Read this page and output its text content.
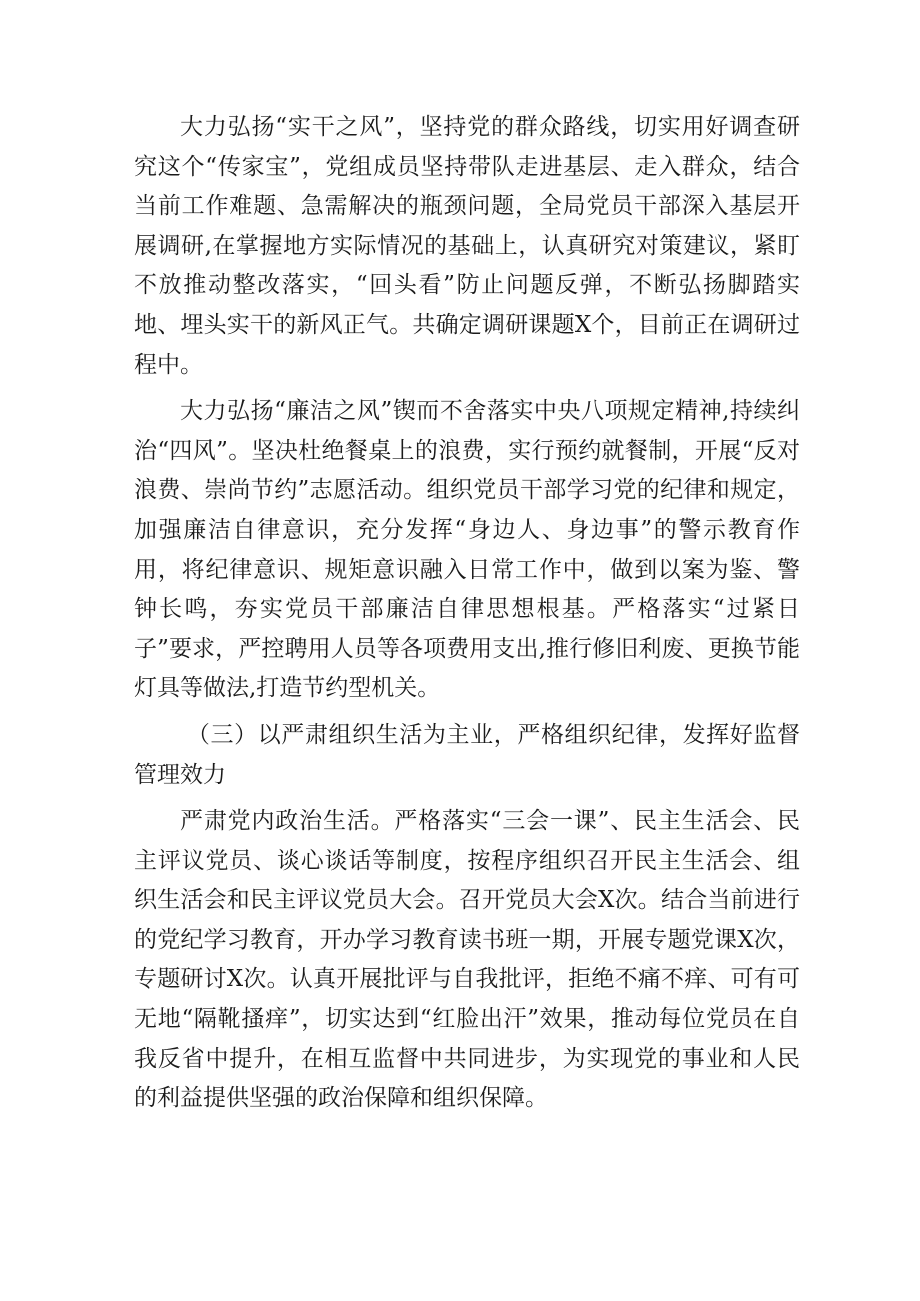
大力弘扬“实干之风”，坚持党的群众路线，切实用好调查研究这个“传家宝”，党组成员坚持带队走进基层、走入群众，结合当前工作难题、急需解决的瓶颈问题，全局党员干部深入基层开展调研,在掌握地方实际情况的基础上，认真研究对策建议，紧盯不放推动整改落实，“回头看”防止问题反弹，不断弘扬脚踏实地、埋头实干的新风正气。共确定调研课题X个，目前正在调研过程中。

大力弘扬“廉洁之风”锲而不舍落实中央八项规定精神,持续纠治“四风”。坚决杜绝餐桌上的浪费，实行预约就餐制，开展“反对浪费、崇尚节约”志愿活动。组织党员干部学习党的纪律和规定，加强廉洁自律意识，充分发挥“身边人、身边事”的警示教育作用，将纪律意识、规矩意识融入日常工作中，做到以案为鉴、警钟长鸣，夯实党员干部廉洁自律思想根基。严格落实“过紧日子”要求，严控聘用人员等各项费用支出,推行修旧利废、更换节能灯具等做法,打造节约型机关。

（三）以严肃组织生活为主业，严格组织纪律，发挥好监督管理效力

严肃党内政治生活。严格落实“三会一课”、民主生活会、民主评议党员、谈心谈话等制度，按程序组织召开民主生活会、组织生活会和民主评议党员大会。召开党员大会X次。结合当前进行的党纪学习教育，开办学习教育读书班一期，开展专题党课X次，专题研讨X次。认真开展批评与自我批评，拒绝不痛不痒、可有可无地“隔靴搔痒”，切实达到“红脸出汗”效果，推动每位党员在自我反省中提升，在相互监督中共同进步，为实现党的事业和人民的利益提供坚强的政治保障和组织保障。
